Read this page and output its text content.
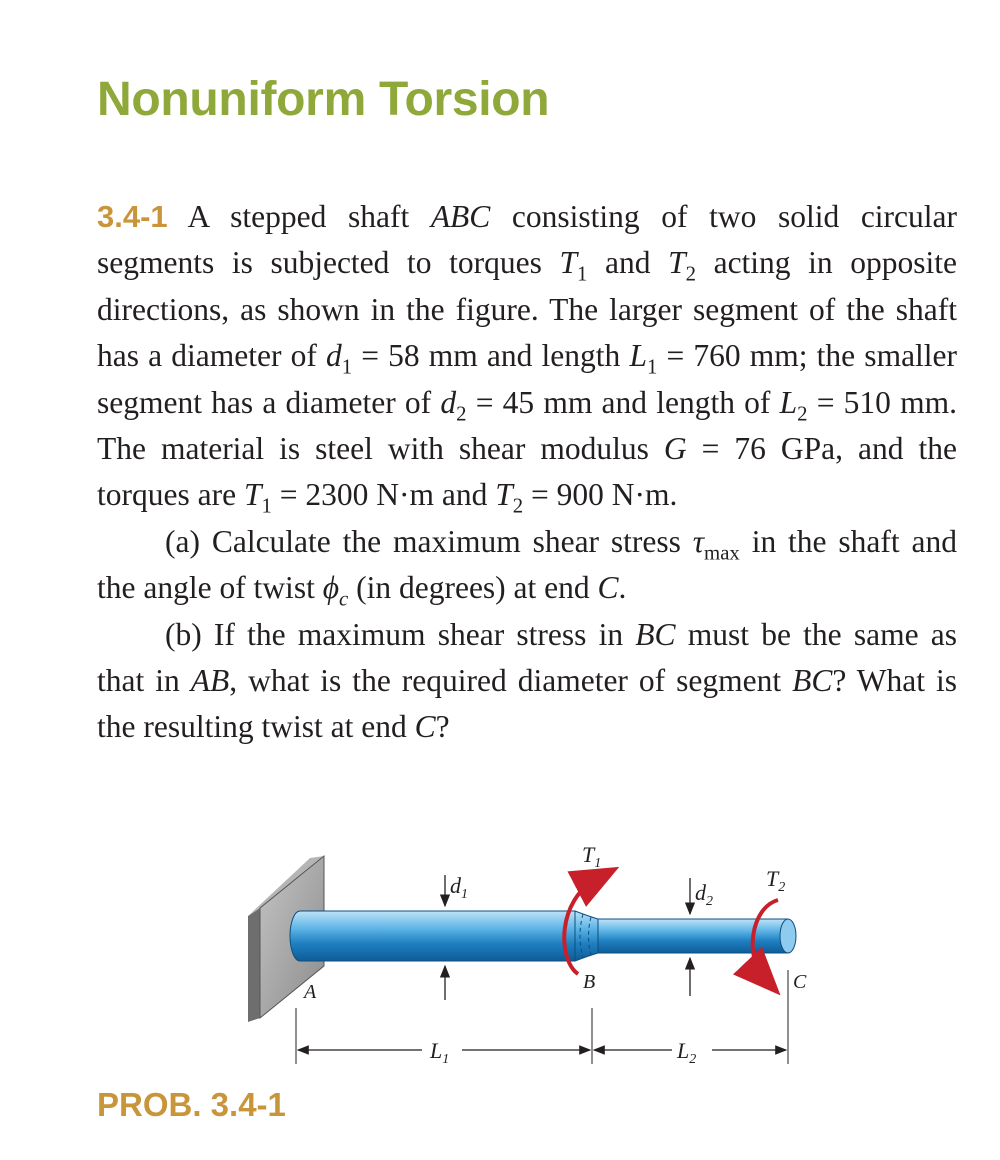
Nonuniform Torsion

3.4-1 A stepped shaft ABC consisting of two solid circular segments is subjected to torques $T_1$ and $T_2$ acting in opposite directions, as shown in the figure. The larger segment of the shaft has a diameter of $d_1 = 58$ mm and length $L_1 = 760$ mm; the smaller segment has a diameter of $d_2 = 45$ mm and length of $L_2 = 510$ mm. The material is steel with shear modulus G = 76 GPa, and the torques are $T_1 = 2300$ N·m and $T_2 = 900$ N·m.

(a) Calculate the maximum shear stress $\tau_{max}$ in the shaft and the angle of twist $\phi_c$ (in degrees) at end C.

(b) If the maximum shear stress in BC must be the same as that in AB, what is the required diameter of segment BC? What is the resulting twist at end C?

$T_1$
$T_2$
$d_1$	$d_2$
A	B	C
$L_1$	$L_2$

PROB. 3.4-1
